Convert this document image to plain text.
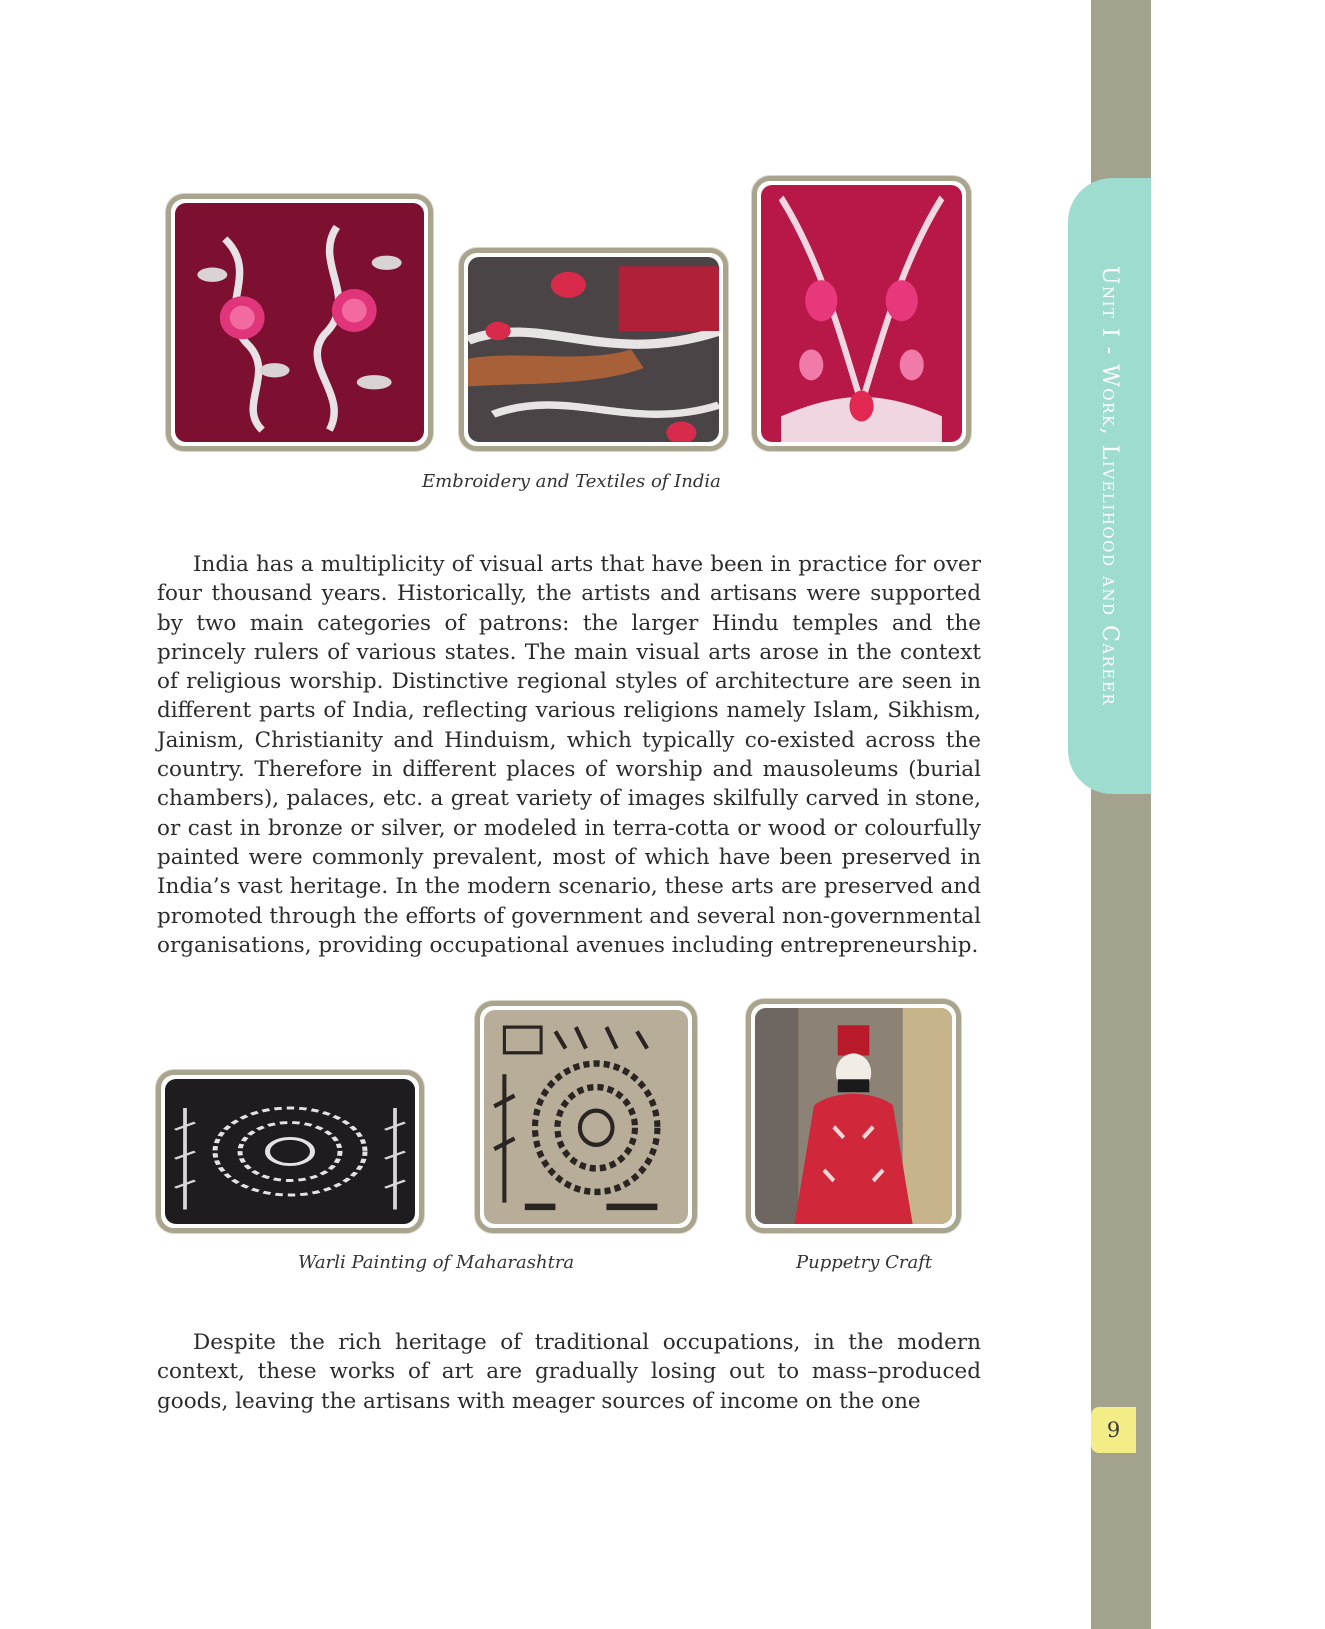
Unit I - Work, Livelihood and Career
9
Embroidery and Textiles of India

India has a multiplicity of visual arts that have been in practice for over four thousand years. Historically, the artists and artisans were supported by two main categories of patrons: the larger Hindu temples and the princely rulers of various states. The main visual arts arose in the context of religious worship. Distinctive regional styles of architecture are seen in different parts of India, reflecting various religions namely Islam, Sikhism, Jainism, Christianity and Hinduism, which typically co-existed across the country. Therefore in different places of worship and mausoleums (burial chambers), palaces, etc. a great variety of images skilfully carved in stone, or cast in bronze or silver, or modeled in terra-cotta or wood or colourfully painted were commonly prevalent, most of which have been preserved in India’s vast heritage. In the modern scenario, these arts are preserved and promoted through the efforts of government and several non-governmental organisations, providing occupational avenues including entrepreneurship.

Warli Painting of Maharashtra	Puppetry Craft

Despite the rich heritage of traditional occupations, in the modern context, these works of art are gradually losing out to mass–produced goods, leaving the artisans with meager sources of income on the one
